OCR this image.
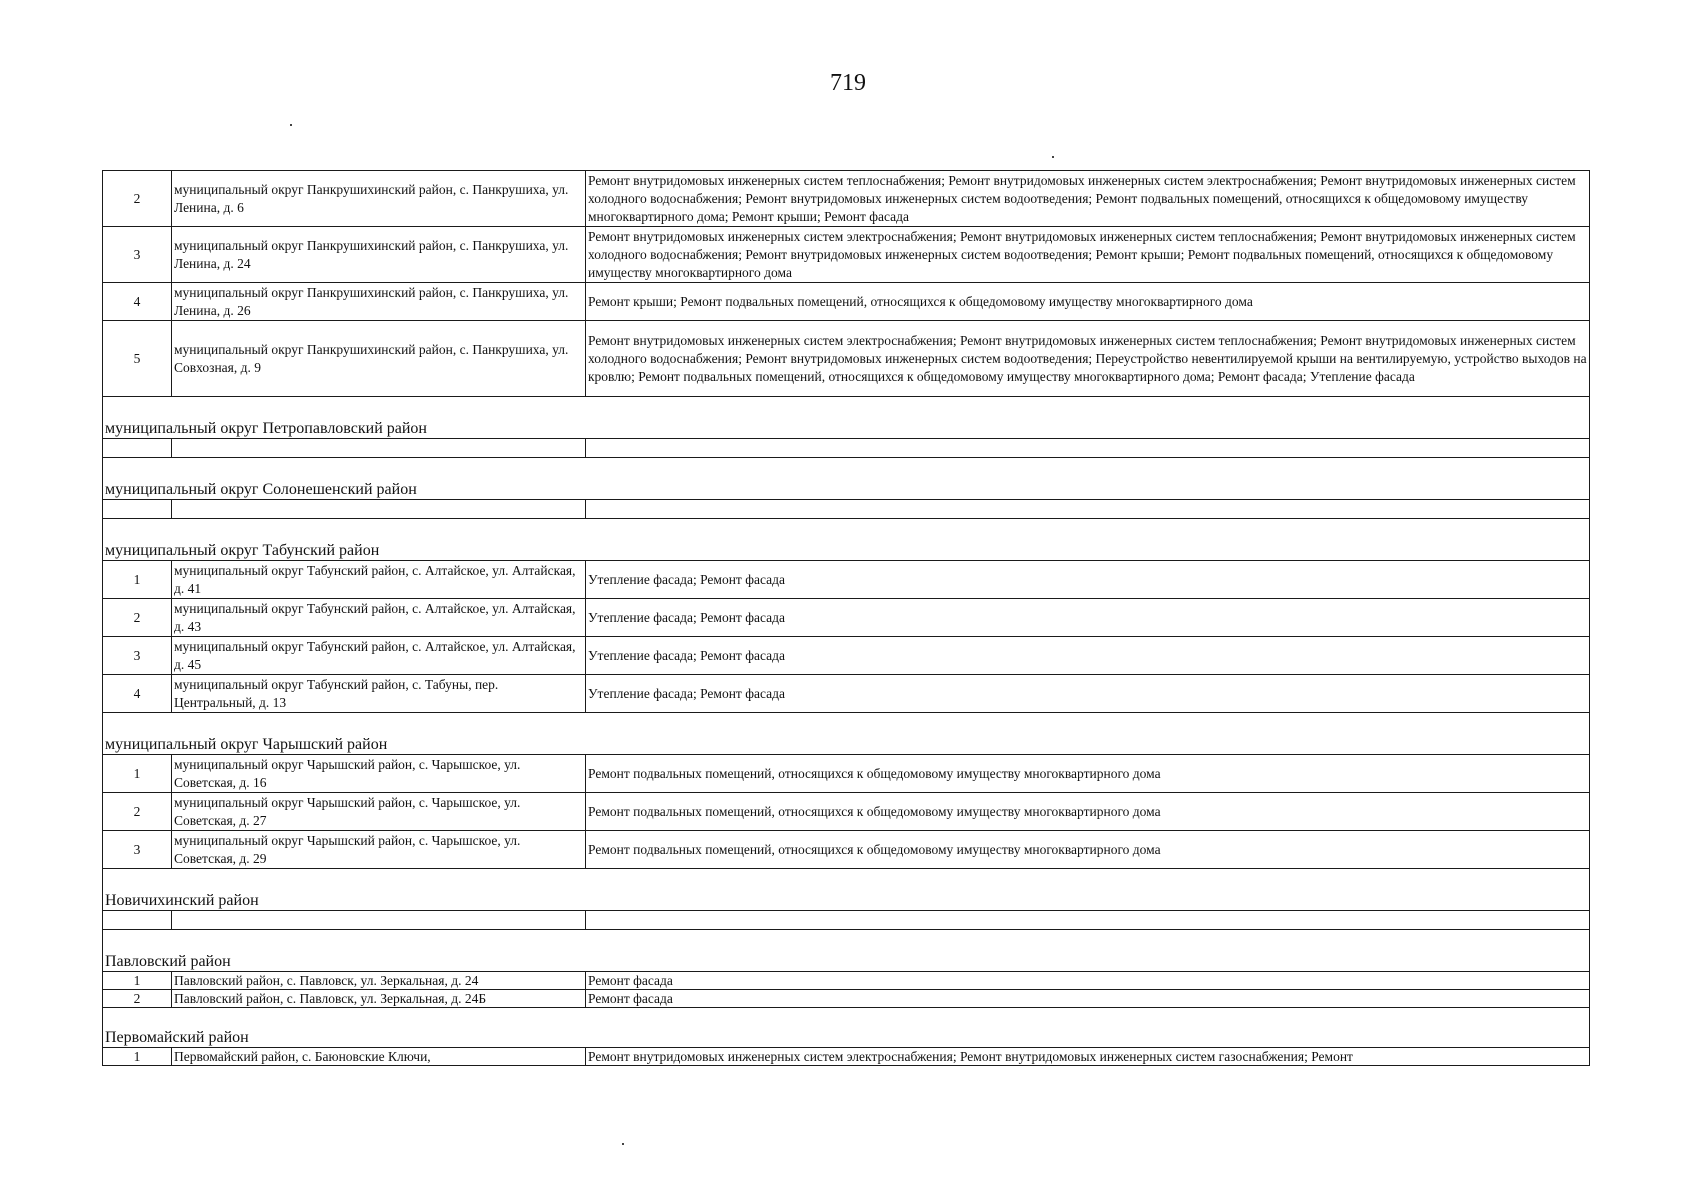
719
2	муниципальный округ Панкрушихинский район, с. Панкрушиха, ул. Ленина, д. 6	Ремонт внутридомовых инженерных систем теплоснабжения; Ремонт внутридомовых инженерных систем электроснабжения; Ремонт внутридомовых инженерных систем холодного водоснабжения; Ремонт внутридомовых инженерных систем водоотведения; Ремонт подвальных помещений, относящихся к общедомовому имуществу многоквартирного дома; Ремонт крыши; Ремонт фасада
3	муниципальный округ Панкрушихинский район, с. Панкрушиха, ул. Ленина, д. 24	Ремонт внутридомовых инженерных систем электроснабжения; Ремонт внутридомовых инженерных систем теплоснабжения; Ремонт внутридомовых инженерных систем холодного водоснабжения; Ремонт внутридомовых инженерных систем водоотведения; Ремонт крыши; Ремонт подвальных помещений, относящихся к общедомовому имуществу многоквартирного дома
4	муниципальный округ Панкрушихинский район, с. Панкрушиха, ул. Ленина, д. 26	Ремонт крыши; Ремонт подвальных помещений, относящихся к общедомовому имуществу многоквартирного дома
5	муниципальный округ Панкрушихинский район, с. Панкрушиха, ул. Совхозная, д. 9	Ремонт внутридомовых инженерных систем электроснабжения; Ремонт внутридомовых инженерных систем теплоснабжения; Ремонт внутридомовых инженерных систем холодного водоснабжения; Ремонт внутридомовых инженерных систем водоотведения; Переустройство невентилируемой крыши на вентилируемую, устройство выходов на кровлю; Ремонт подвальных помещений, относящихся к общедомовому имуществу многоквартирного дома; Ремонт фасада; Утепление фасада
муниципальный округ Петропавловский район		

муниципальный округ Солонешенский район		

муниципальный округ Табунский район		
1	муниципальный округ Табунский район, с. Алтайское, ул. Алтайская, д. 41	Утепление фасада; Ремонт фасада
2	муниципальный округ Табунский район, с. Алтайское, ул. Алтайская, д. 43	Утепление фасада; Ремонт фасада
3	муниципальный округ Табунский район, с. Алтайское, ул. Алтайская, д. 45	Утепление фасада; Ремонт фасада
4	муниципальный округ Табунский район, с. Табуны, пер. Центральный, д. 13	Утепление фасада; Ремонт фасада
муниципальный округ Чарышский район		
1	муниципальный округ Чарышский район, с. Чарышское, ул. Советская, д. 16	Ремонт подвальных помещений, относящихся к общедомовому имуществу многоквартирного дома
2	муниципальный округ Чарышский район, с. Чарышское, ул. Советская, д. 27	Ремонт подвальных помещений, относящихся к общедомовому имуществу многоквартирного дома
3	муниципальный округ Чарышский район, с. Чарышское, ул. Советская, д. 29	Ремонт подвальных помещений, относящихся к общедомовому имуществу многоквартирного дома
Новичихинский район		

Павловский район		
1	Павловский район, с. Павловск, ул. Зеркальная, д. 24	Ремонт фасада
2	Павловский район, с. Павловск, ул. Зеркальная, д. 24Б	Ремонт фасада
Первомайский район		
1	Первомайский район, с. Баюновские Ключи,	Ремонт внутридомовых инженерных систем электроснабжения; Ремонт внутридомовых инженерных систем газоснабжения; Ремонт
